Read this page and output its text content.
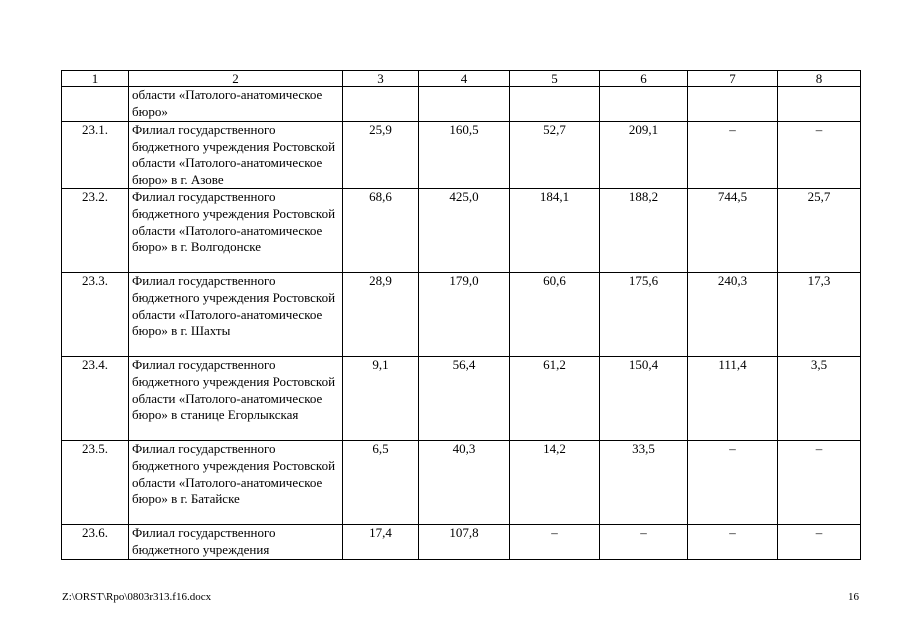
1	2	3	4	5	6	7	8
	области «Патолого-анатомическое бюро»						
23.1.	Филиал государственного бюджетного учреждения Ростовской области «Патолого-анатомическое бюро» в г. Азове	25,9	160,5	52,7	209,1	–	–
23.2.	Филиал государственного бюджетного учреждения Ростовской области «Патолого-анатомическое бюро» в г. Волгодонске	68,6	425,0	184,1	188,2	744,5	25,7
23.3.	Филиал государственного бюджетного учреждения Ростовской области «Патолого-анатомическое бюро» в г. Шахты	28,9	179,0	60,6	175,6	240,3	17,3
23.4.	Филиал государственного бюджетного учреждения Ростовской области «Патолого-анатомическое бюро» в станице Егорлыкская	9,1	56,4	61,2	150,4	111,4	3,5
23.5.	Филиал государственного бюджетного учреждения Ростовской области «Патолого-анатомическое бюро» в г. Батайске	6,5	40,3	14,2	33,5	–	–
23.6.	Филиал государственного бюджетного учреждения	17,4	107,8	–	–	–	–
Z:\ORST\Rpo\0803r313.f16.docx	16
